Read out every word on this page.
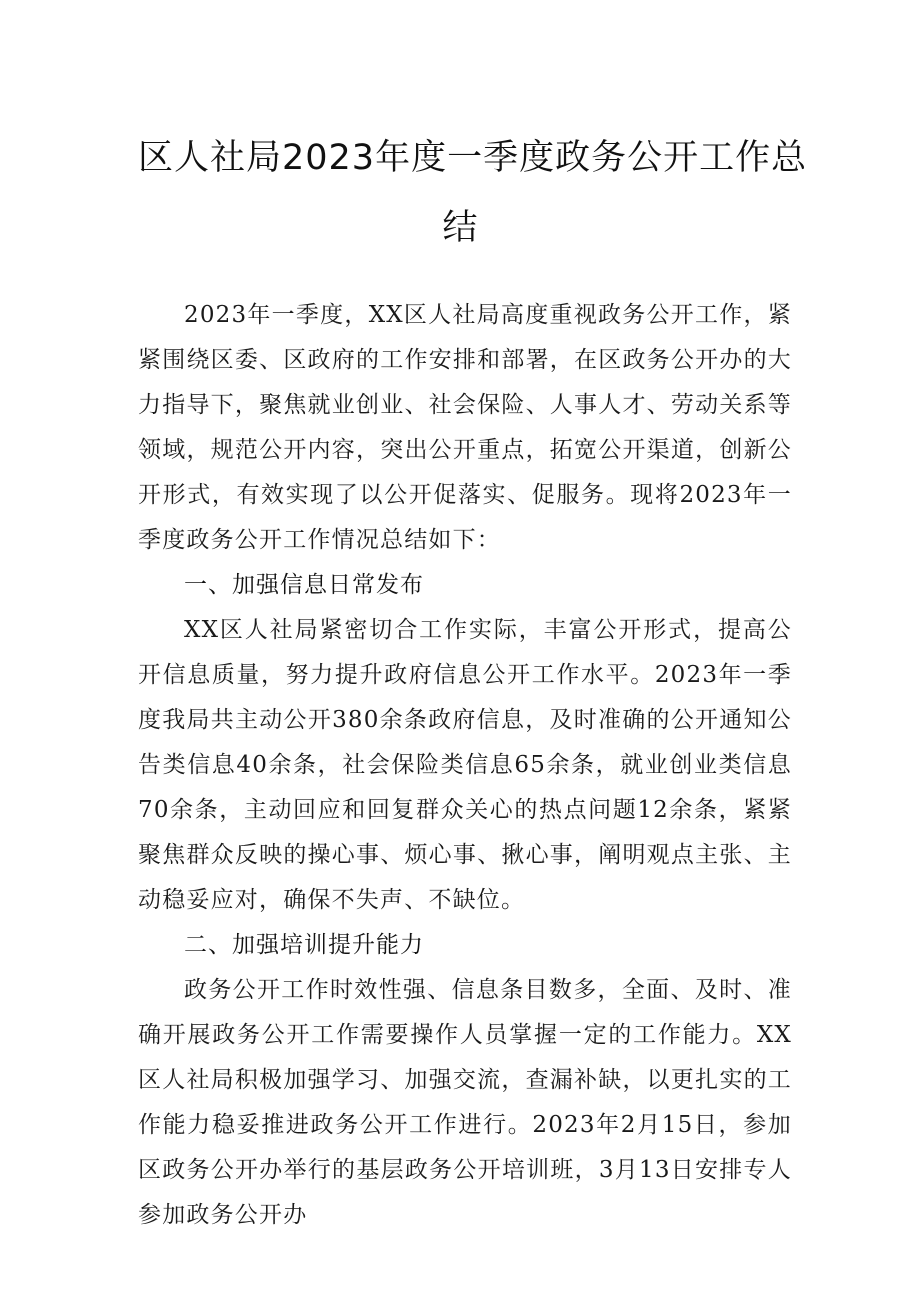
区人社局2023年度一季度政务公开工作总
结

2023年一季度，XX区人社局高度重视政务公开工作，紧紧围绕区委、区政府的工作安排和部署，在区政务公开办的大力指导下，聚焦就业创业、社会保险、人事人才、劳动关系等领域，规范公开内容，突出公开重点，拓宽公开渠道，创新公开形式，有效实现了以公开促落实、促服务。现将2023年一季度政务公开工作情况总结如下：

一、加强信息日常发布

XX区人社局紧密切合工作实际，丰富公开形式，提高公开信息质量，努力提升政府信息公开工作水平。2023年一季度我局共主动公开380余条政府信息，及时准确的公开通知公告类信息40余条，社会保险类信息65余条，就业创业类信息70余条，主动回应和回复群众关心的热点问题12余条，紧紧聚焦群众反映的操心事、烦心事、揪心事，阐明观点主张、主动稳妥应对，确保不失声、不缺位。

二、加强培训提升能力

政务公开工作时效性强、信息条目数多，全面、及时、准确开展政务公开工作需要操作人员掌握一定的工作能力。XX区人社局积极加强学习、加强交流，查漏补缺，以更扎实的工作能力稳妥推进政务公开工作进行。2023年2月15日，参加区政务公开办举行的基层政务公开培训班，3月13日安排专人参加政务公开办
